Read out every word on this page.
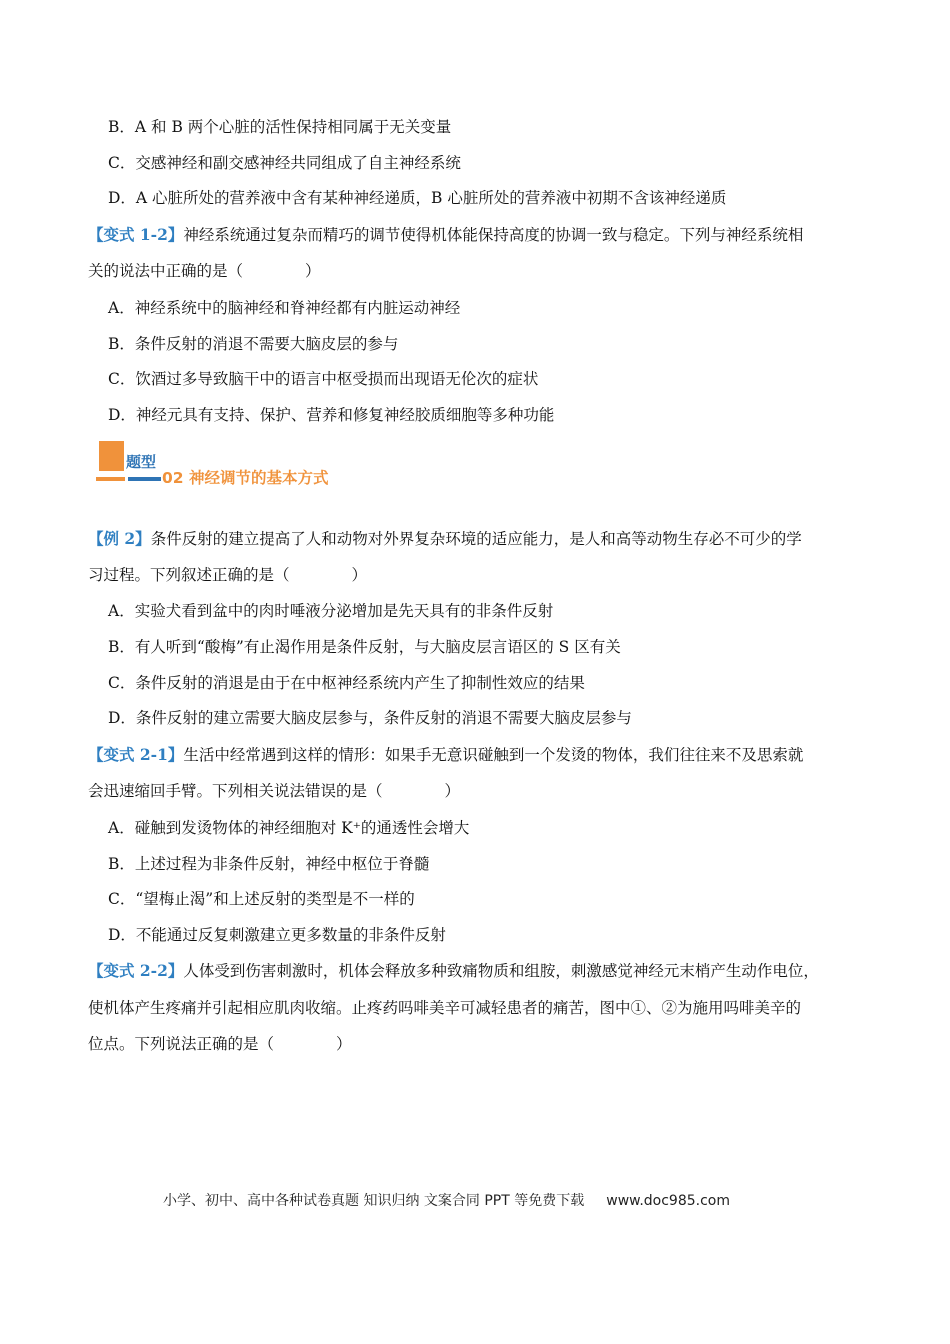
B．A 和 B 两个心脏的活性保持相同属于无关变量
C．交感神经和副交感神经共同组成了自主神经系统
D．A 心脏所处的营养液中含有某种神经递质，B 心脏所处的营养液中初期不含该神经递质
【变式 1-2】神经系统通过复杂而精巧的调节使得机体能保持高度的协调一致与稳定。下列与神经系统相
关的说法中正确的是（　　　　）
A．神经系统中的脑神经和脊神经都有内脏运动神经
B．条件反射的消退不需要大脑皮层的参与
C．饮酒过多导致脑干中的语言中枢受损而出现语无伦次的症状
D．神经元具有支持、保护、营养和修复神经胶质细胞等多种功能
题型
02 神经调节的基本方式
【例 2】条件反射的建立提高了人和动物对外界复杂环境的适应能力，是人和高等动物生存必不可少的学
习过程。下列叙述正确的是（　　　　）
A．实验犬看到盆中的肉时唾液分泌增加是先天具有的非条件反射
B．有人听到“酸梅”有止渴作用是条件反射，与大脑皮层言语区的 S 区有关
C．条件反射的消退是由于在中枢神经系统内产生了抑制性效应的结果
D．条件反射的建立需要大脑皮层参与，条件反射的消退不需要大脑皮层参与
【变式 2-1】生活中经常遇到这样的情形：如果手无意识碰触到一个发烫的物体，我们往往来不及思索就
会迅速缩回手臂。下列相关说法错误的是（　　　　）
A．碰触到发烫物体的神经细胞对 K⁺的通透性会增大
B．上述过程为非条件反射，神经中枢位于脊髓
C．“望梅止渴”和上述反射的类型是不一样的
D．不能通过反复刺激建立更多数量的非条件反射
【变式 2-2】人体受到伤害刺激时，机体会释放多种致痛物质和组胺，刺激感觉神经元末梢产生动作电位，
使机体产生疼痛并引起相应肌肉收缩。止疼药吗啡美辛可减轻患者的痛苦，图中①、②为施用吗啡美辛的
位点。下列说法正确的是（　　　　）
小学、初中、高中各种试卷真题 知识归纳 文案合同 PPT 等免费下载 www.doc985.com
